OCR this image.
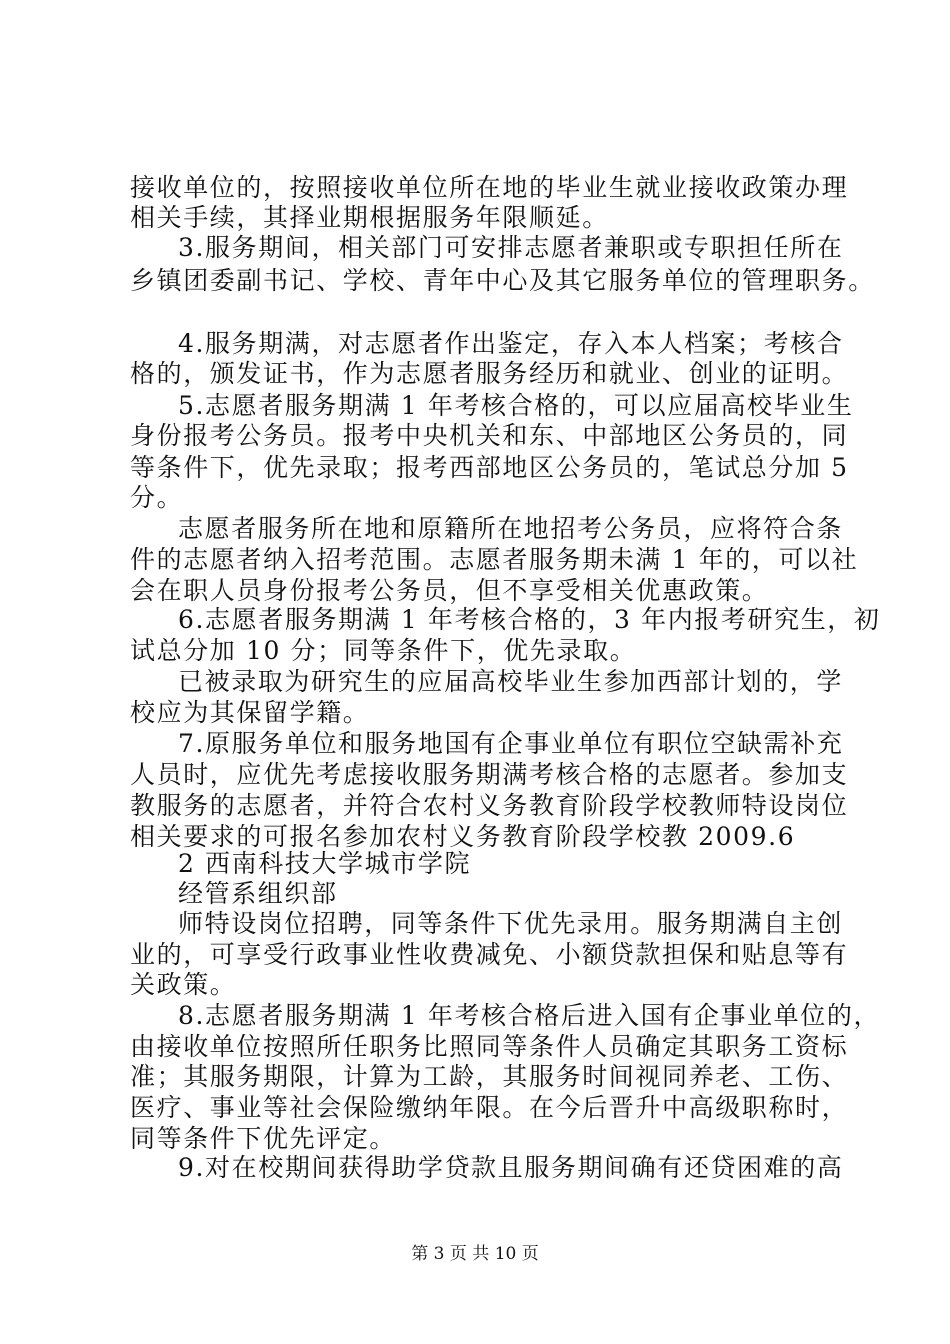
接收单位的，按照接收单位所在地的毕业生就业接收政策办理
相关手续，其择业期根据服务年限顺延。
3.服务期间，相关部门可安排志愿者兼职或专职担任所在
乡镇团委副书记、学校、青年中心及其它服务单位的管理职务。
4.服务期满，对志愿者作出鉴定，存入本人档案；考核合
格的，颁发证书，作为志愿者服务经历和就业、创业的证明。
5.志愿者服务期满 1 年考核合格的，可以应届高校毕业生
身份报考公务员。报考中央机关和东、中部地区公务员的，同
等条件下，优先录取；报考西部地区公务员的，笔试总分加 5
分。
志愿者服务所在地和原籍所在地招考公务员，应将符合条
件的志愿者纳入招考范围。志愿者服务期未满 1 年的，可以社
会在职人员身份报考公务员，但不享受相关优惠政策。
6.志愿者服务期满 1 年考核合格的，3 年内报考研究生，初
试总分加 10 分；同等条件下，优先录取。
已被录取为研究生的应届高校毕业生参加西部计划的，学
校应为其保留学籍。
7.原服务单位和服务地国有企事业单位有职位空缺需补充
人员时，应优先考虑接收服务期满考核合格的志愿者。参加支
教服务的志愿者，并符合农村义务教育阶段学校教师特设岗位
相关要求的可报名参加农村义务教育阶段学校教 2009.6
2 西南科技大学城市学院
经管系组织部
师特设岗位招聘，同等条件下优先录用。服务期满自主创
业的，可享受行政事业性收费减免、小额贷款担保和贴息等有
关政策。
8.志愿者服务期满 1 年考核合格后进入国有企事业单位的，
由接收单位按照所任职务比照同等条件人员确定其职务工资标
准；其服务期限，计算为工龄，其服务时间视同养老、工伤、
医疗、事业等社会保险缴纳年限。在今后晋升中高级职称时，
同等条件下优先评定。
9.对在校期间获得助学贷款且服务期间确有还贷困难的高
第 3 页 共 10 页
